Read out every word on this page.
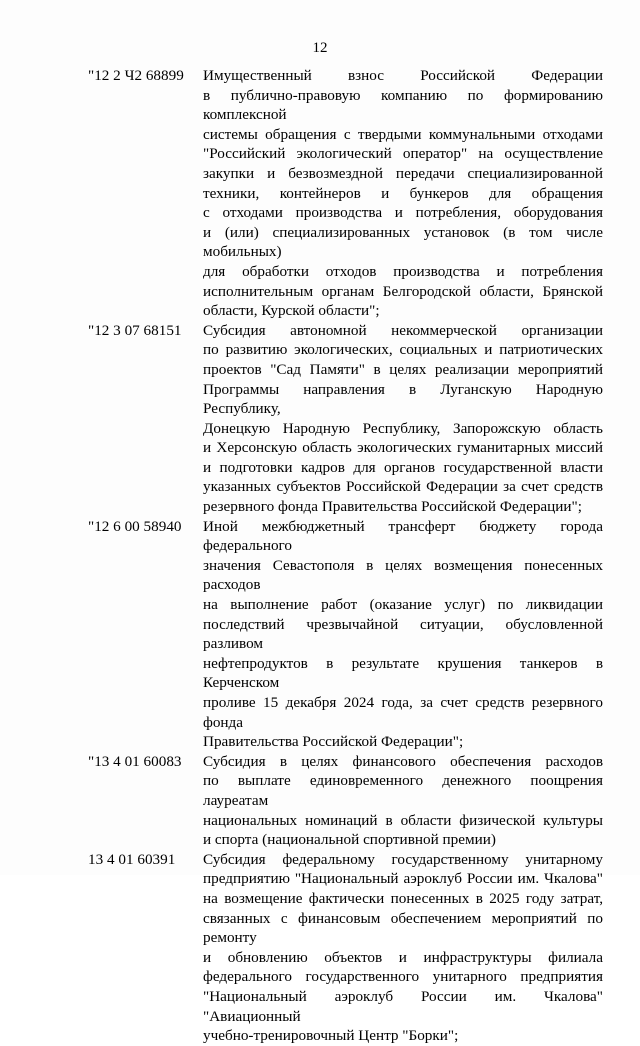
12
"12 2 Ч2 68899	Имущественный взнос Российской Федерации
в публично-правовую компанию по формированию комплексной
системы обращения с твердыми коммунальными отходами
"Российский экологический оператор" на осуществление
закупки и безвозмездной передачи специализированной
техники, контейнеров и бункеров для обращения
с отходами производства и потребления, оборудования
и (или) специализированных установок (в том числе мобильных)
для обработки отходов производства и потребления
исполнительным органам Белгородской области, Брянской
области, Курской области";
"12 3 07 68151	Субсидия автономной некоммерческой организации
по развитию экологических, социальных и патриотических
проектов "Сад Памяти" в целях реализации мероприятий
Программы направления в Луганскую Народную Республику,
Донецкую Народную Республику, Запорожскую область
и Херсонскую область экологических гуманитарных миссий
и подготовки кадров для органов государственной власти
указанных субъектов Российской Федерации за счет средств
резервного фонда Правительства Российской Федерации";
"12 6 00 58940	Иной межбюджетный трансферт бюджету города федерального
значения Севастополя в целях возмещения понесенных расходов
на выполнение работ (оказание услуг) по ликвидации
последствий чрезвычайной ситуации, обусловленной разливом
нефтепродуктов в результате крушения танкеров в Керченском
проливе 15 декабря 2024 года, за счет средств резервного фонда
Правительства Российской Федерации";
"13 4 01 60083	Субсидия в целях финансового обеспечения расходов
по выплате единовременного денежного поощрения лауреатам
национальных номинаций в области физической культуры
и спорта (национальной спортивной премии)
13 4 01 60391	Субсидия федеральному государственному унитарному
предприятию "Национальный аэроклуб России им. Чкалова"
на возмещение фактически понесенных в 2025 году затрат,
связанных с финансовым обеспечением мероприятий по ремонту
и обновлению объектов и инфраструктуры филиала
федерального государственного унитарного предприятия
"Национальный аэроклуб России им. Чкалова" "Авиационный
учебно-тренировочный Центр "Борки";
